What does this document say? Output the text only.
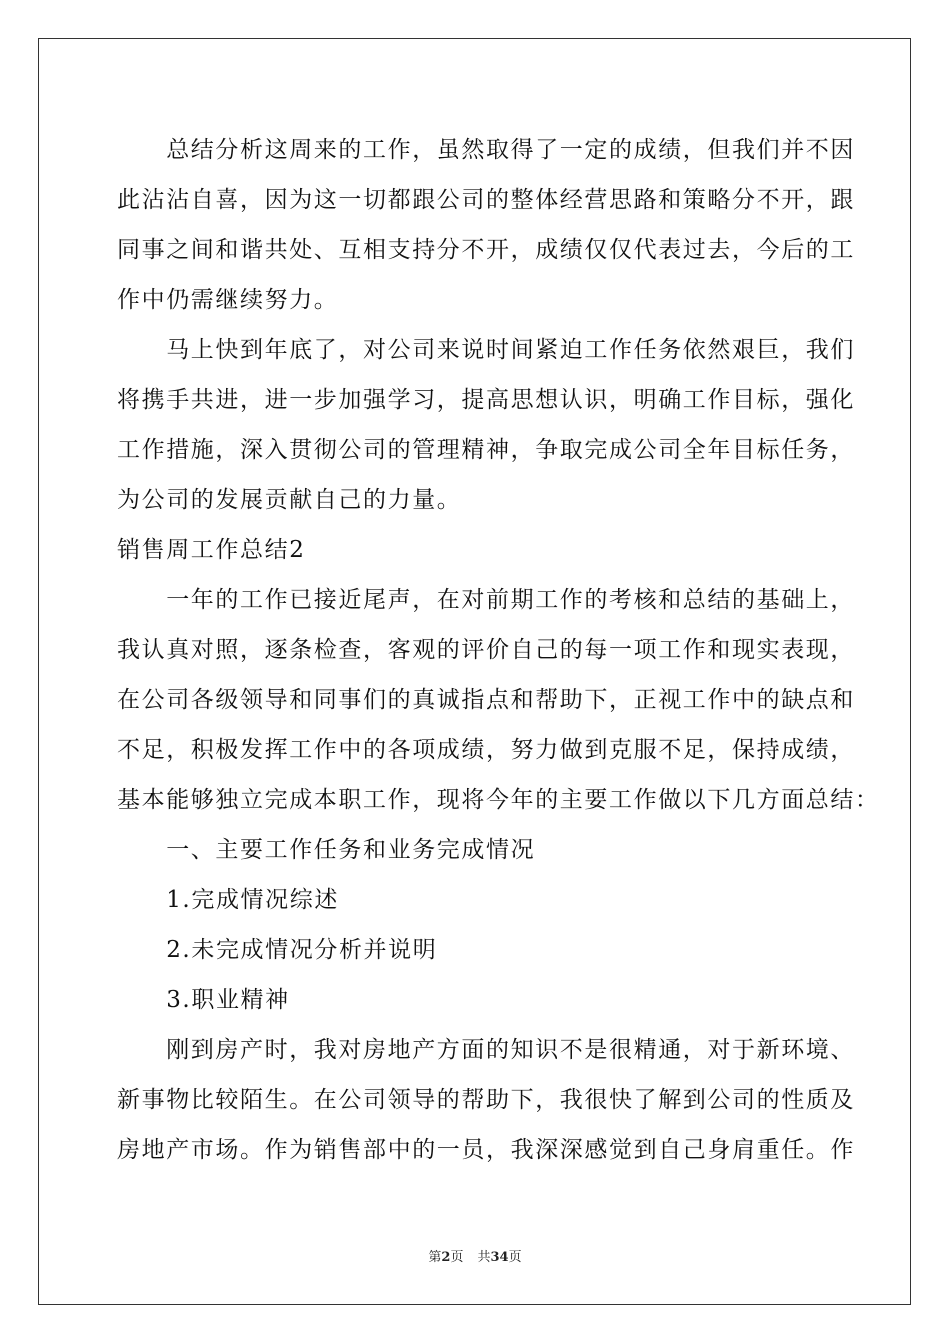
　　总结分析这周来的工作，虽然取得了一定的成绩，但我们并不因
此沾沾自喜，因为这一切都跟公司的整体经营思路和策略分不开，跟
同事之间和谐共处、互相支持分不开，成绩仅仅代表过去，今后的工
作中仍需继续努力。
　　马上快到年底了，对公司来说时间紧迫工作任务依然艰巨，我们
将携手共进，进一步加强学习，提高思想认识，明确工作目标，强化
工作措施，深入贯彻公司的管理精神，争取完成公司全年目标任务，
为公司的发展贡献自己的力量。
销售周工作总结2
　　一年的工作已接近尾声，在对前期工作的考核和总结的基础上，
我认真对照，逐条检查，客观的评价自己的每一项工作和现实表现，
在公司各级领导和同事们的真诚指点和帮助下，正视工作中的缺点和
不足，积极发挥工作中的各项成绩，努力做到克服不足，保持成绩，
基本能够独立完成本职工作，现将今年的主要工作做以下几方面总结：
　　一、主要工作任务和业务完成情况
　　1.完成情况综述
　　2.未完成情况分析并说明
　　3.职业精神
　　刚到房产时，我对房地产方面的知识不是很精通，对于新环境、
新事物比较陌生。在公司领导的帮助下，我很快了解到公司的性质及
房地产市场。作为销售部中的一员，我深深感觉到自己身肩重任。作
第2页 共34页
